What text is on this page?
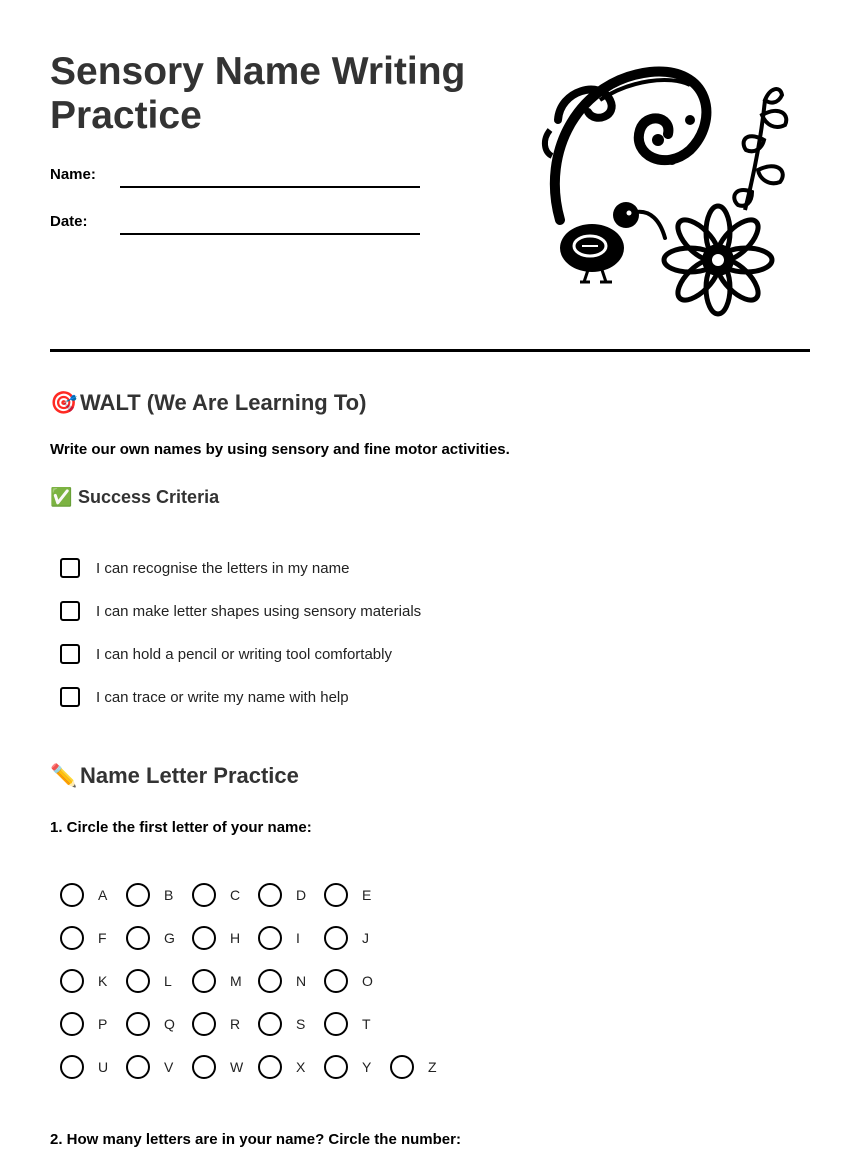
Sensory Name Writing Practice
Name:
Date:
🎯 WALT (We Are Learning To)
Write our own names by using sensory and fine motor activities.
✅ Success Criteria
I can recognise the letters in my name
I can make letter shapes using sensory materials
I can hold a pencil or writing tool comfortably
I can trace or write my name with help
✏️ Name Letter Practice
1. Circle the first letter of your name:
A	B	C	D	E
F	G	H	I	J
K	L	M	N	O
P	Q	R	S	T
U	V	W	X	Y	Z
2. How many letters are in your name? Circle the number:
